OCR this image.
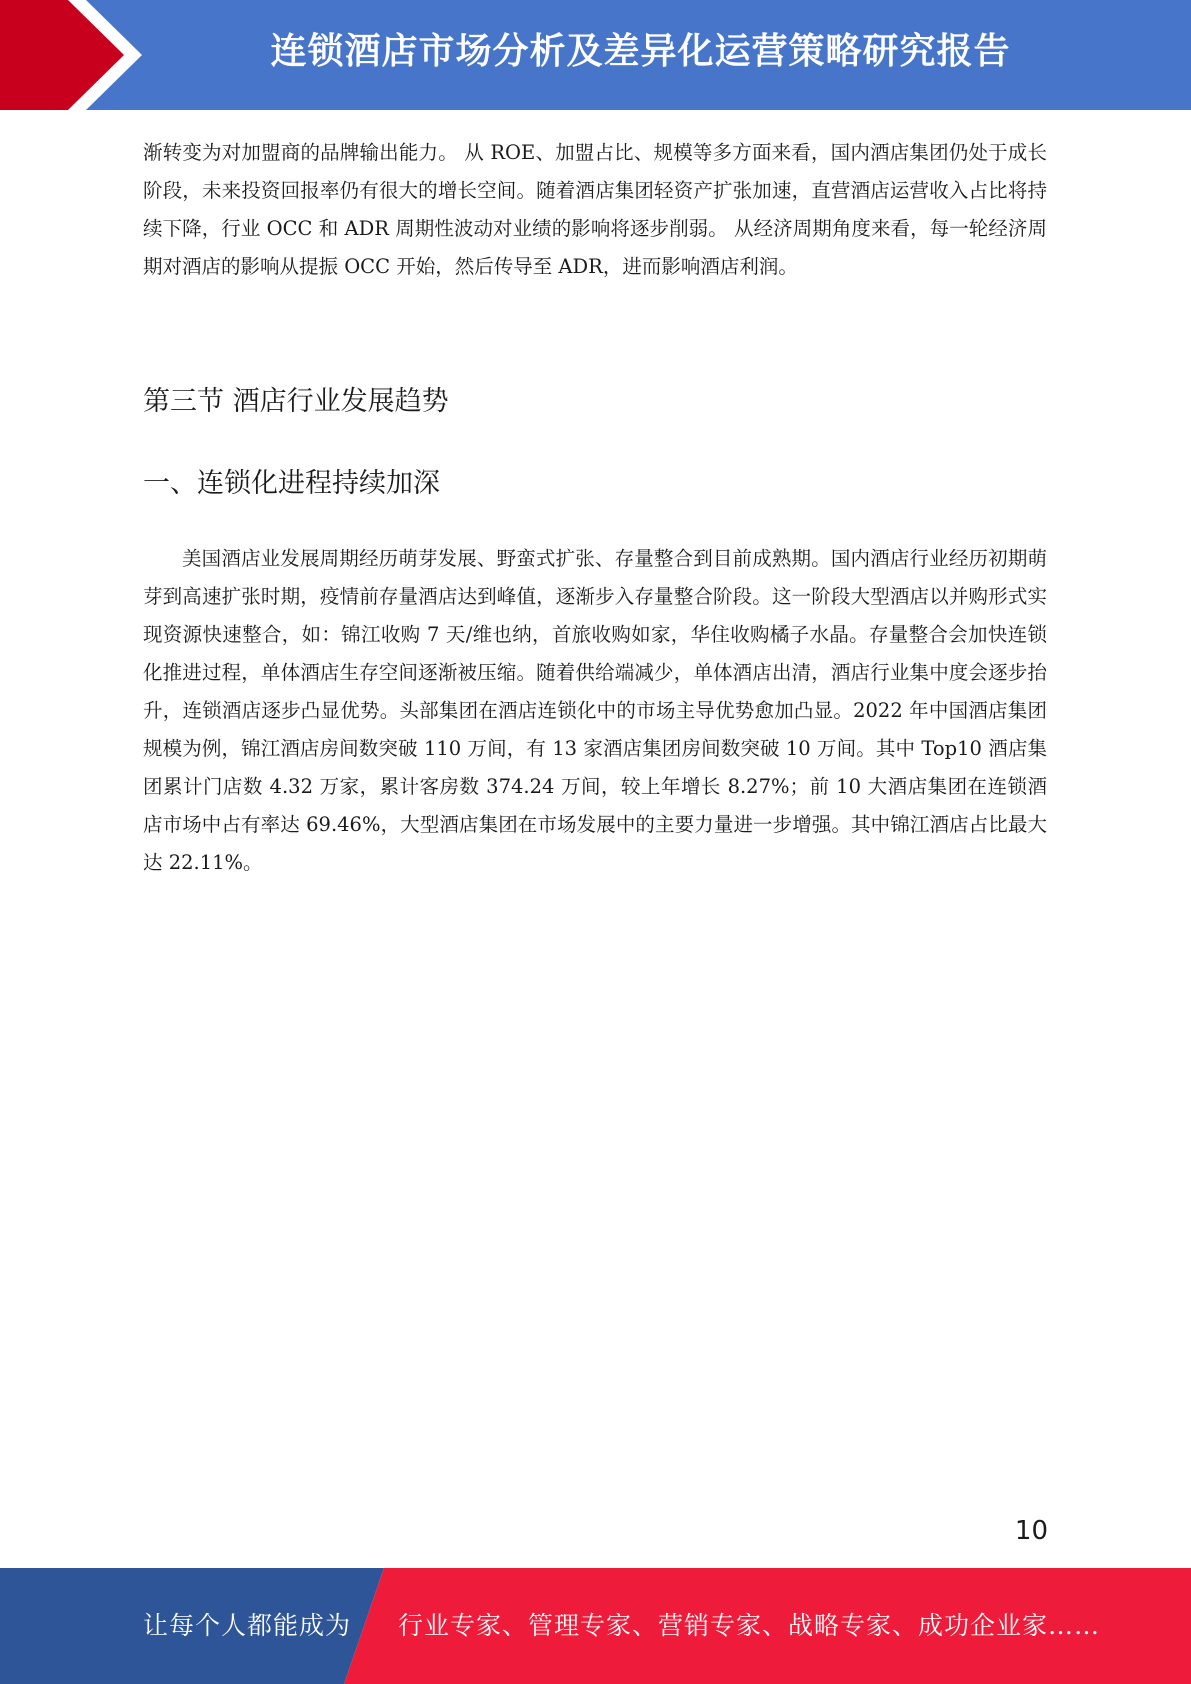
连锁酒店市场分析及差异化运营策略研究报告

渐转变为对加盟商的品牌输出能力。 从 ROE、加盟占比、规模等多方面来看，国内酒店集团仍处于成长阶段，未来投资回报率仍有很大的增长空间。随着酒店集团轻资产扩张加速，直营酒店运营收入占比将持续下降，行业 OCC 和 ADR 周期性波动对业绩的影响将逐步削弱。 从经济周期角度来看，每一轮经济周期对酒店的影响从提振 OCC 开始，然后传导至 ADR，进而影响酒店利润。

第三节 酒店行业发展趋势
一、连锁化进程持续加深

美国酒店业发展周期经历萌芽发展、野蛮式扩张、存量整合到目前成熟期。国内酒店行业经历初期萌芽到高速扩张时期，疫情前存量酒店达到峰值，逐渐步入存量整合阶段。这一阶段大型酒店以并购形式实现资源快速整合，如：锦江收购 7 天/维也纳，首旅收购如家，华住收购橘子水晶。存量整合会加快连锁化推进过程，单体酒店生存空间逐渐被压缩。随着供给端减少，单体酒店出清，酒店行业集中度会逐步抬升，连锁酒店逐步凸显优势。头部集团在酒店连锁化中的市场主导优势愈加凸显。2022 年中国酒店集团规模为例，锦江酒店房间数突破 110 万间，有 13 家酒店集团房间数突破 10 万间。其中 Top10 酒店集团累计门店数 4.32 万家，累计客房数 374.24 万间，较上年增长 8.27%；前 10 大酒店集团在连锁酒店市场中占有率达 69.46%，大型酒店集团在市场发展中的主要力量进一步增强。其中锦江酒店占比最大达 22.11%。

10
让每个人都能成为 行业专家、管理专家、营销专家、战略专家、成功企业家……
